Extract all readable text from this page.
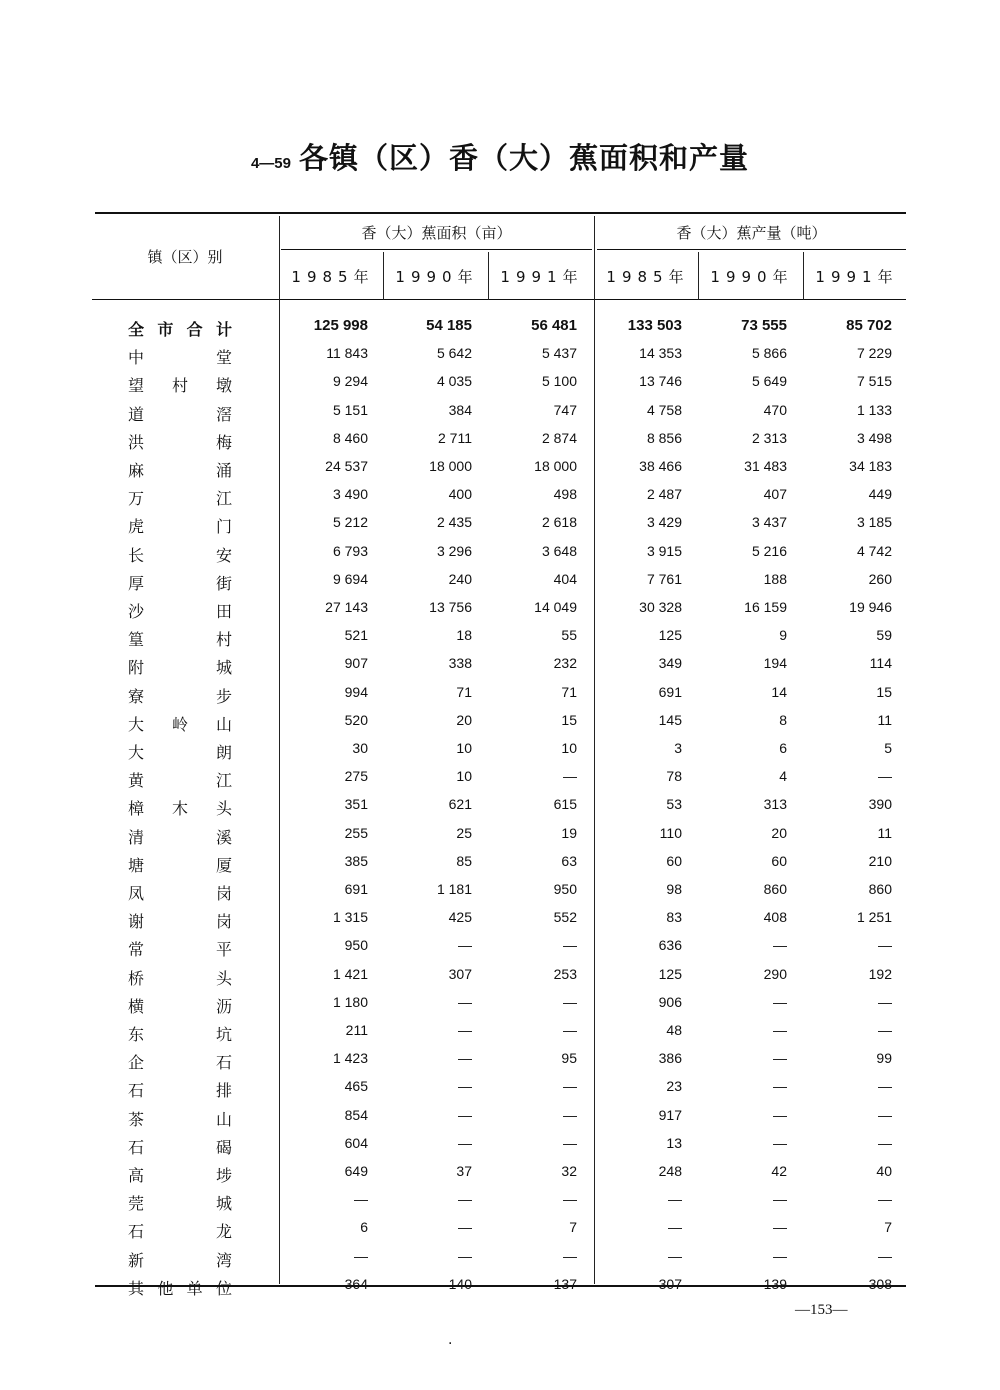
4—59 各镇（区）香（大）蕉面积和产量
镇（区）别
香（大）蕉面积（亩）	香（大）蕉产量（吨）
1985年	1990年	1991年	1985年	1990年	1991年
全 市 合 计	125 998	54 185	56 481	133 503	73 555	85 702
中	堂	11 843	5 642	5 437	14 353	5 866	7 229
望 村 墩	9 294	4 035	5 100	13 746	5 649	7 515
道	滘	5 151	384	747	4 758	470	1 133
洪	梅	8 460	2 711	2 874	8 856	2 313	3 498
麻	涌	24 537	18 000	18 000	38 466	31 483	34 183
万	江	3 490	400	498	2 487	407	449
虎	门	5 212	2 435	2 618	3 429	3 437	3 185
长	安	6 793	3 296	3 648	3 915	5 216	4 742
厚	街	9 694	240	404	7 761	188	260
沙	田	27 143	13 756	14 049	30 328	16 159	19 946
篁	村	521	18	55	125	9	59
附	城	907	338	232	349	194	114
寮	步	994	71	71	691	14	15
大 岭 山	520	20	15	145	8	11
大	朗	30	10	10	3	6	5
黄	江	275	10	—	78	4	—
樟 木 头	351	621	615	53	313	390
清	溪	255	25	19	110	20	11
塘	厦	385	85	63	60	60	210
凤	岗	691	1 181	950	98	860	860
谢	岗	1 315	425	552	83	408	1 251
常	平	950	—	—	636	—	—
桥	头	1 421	307	253	125	290	192
横	沥	1 180	—	—	906	—	—
东	坑	211	—	—	48	—	—
企	石	1 423	—	95	386	—	99
石	排	465	—	—	23	—	—
茶	山	854	—	—	917	—	—
石	碣	604	—	—	13	—	—
高	埗	649	37	32	248	42	40
莞	城	—	—	—	—	—	—
石	龙	6	—	7	—	—	7
新	湾	—	—	—	—	—	—
其 他 单 位	364	140	137	307	139	308
—153—
·
